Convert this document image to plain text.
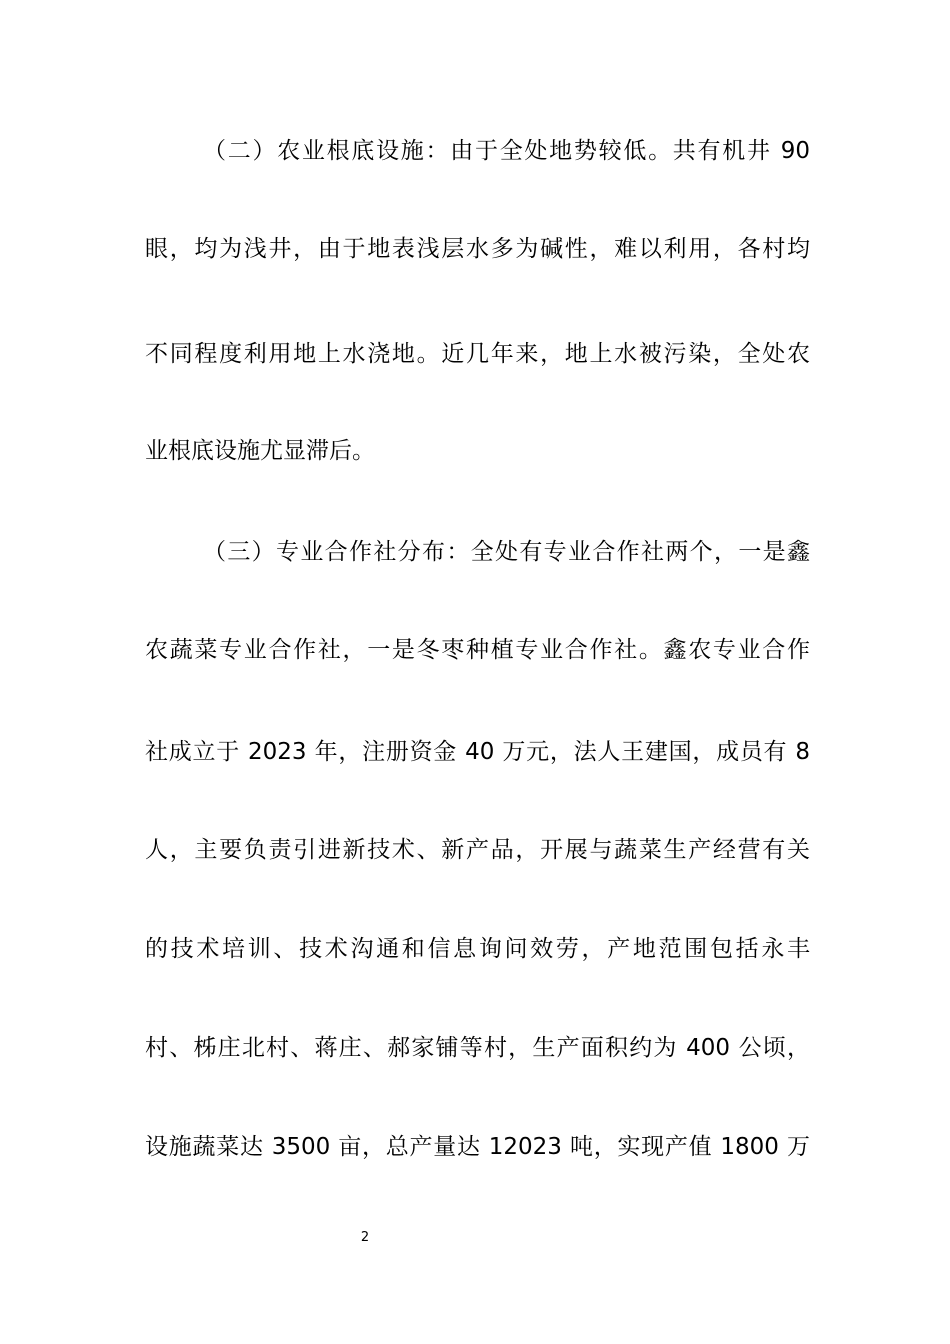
（二）农业根底设施：由于全处地势较低。共有机井 90
眼，均为浅井，由于地表浅层水多为碱性，难以利用，各村均
不同程度利用地上水浇地。近几年来，地上水被污染，全处农
业根底设施尤显滞后。
（三）专业合作社分布：全处有专业合作社两个，一是鑫
农蔬菜专业合作社，一是冬枣种植专业合作社。鑫农专业合作
社成立于 2023 年，注册资金 40 万元，法人王建国，成员有 8
人，主要负责引进新技术、新产品，开展与蔬菜生产经营有关
的技术培训、技术沟通和信息询问效劳，产地范围包括永丰
村、柹庄北村、蒋庄、郝家铺等村，生产面积约为 400 公顷，
设施蔬菜达 3500 亩，总产量达 12023 吨，实现产值 1800 万
2
